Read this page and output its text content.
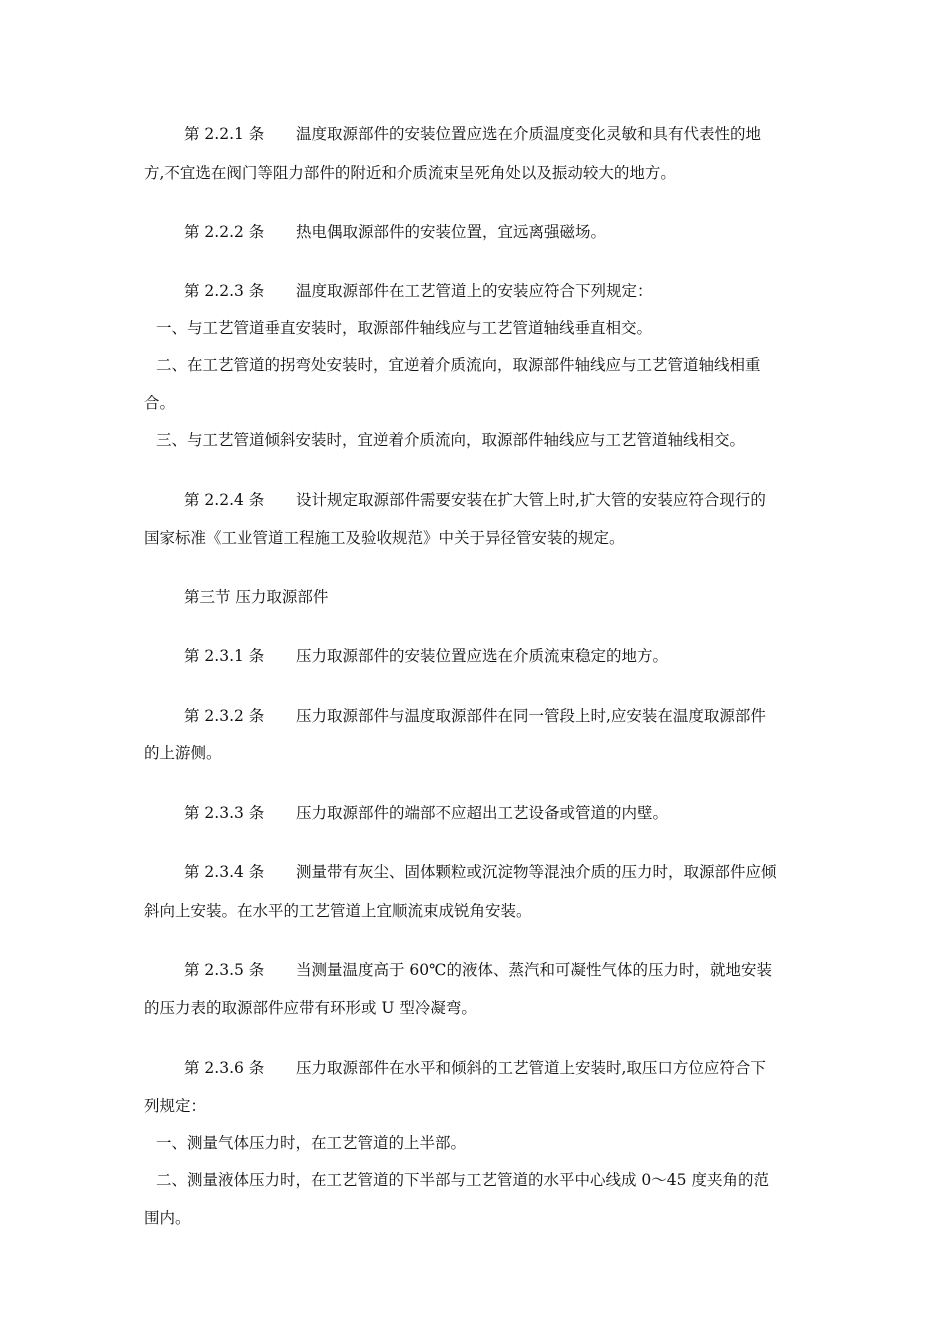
第 2.2.1 条 温度取源部件的安装位置应选在介质温度变化灵敏和具有代表性的地
方,不宜选在阀门等阻力部件的附近和介质流束呈死角处以及振动较大的地方。
第 2.2.2 条 热电偶取源部件的安装位置，宜远离强磁场。
第 2.2.3 条 温度取源部件在工艺管道上的安装应符合下列规定：
一、与工艺管道垂直安装时，取源部件轴线应与工艺管道轴线垂直相交。
二、在工艺管道的拐弯处安装时，宜逆着介质流向，取源部件轴线应与工艺管道轴线相重
合。
三、与工艺管道倾斜安装时，宜逆着介质流向，取源部件轴线应与工艺管道轴线相交。
第 2.2.4 条 设计规定取源部件需要安装在扩大管上时,扩大管的安装应符合现行的
国家标准《工业管道工程施工及验收规范》中关于异径管安装的规定。
第三节 压力取源部件
第 2.3.1 条 压力取源部件的安装位置应选在介质流束稳定的地方。
第 2.3.2 条 压力取源部件与温度取源部件在同一管段上时,应安装在温度取源部件
的上游侧。
第 2.3.3 条 压力取源部件的端部不应超出工艺设备或管道的内壁。
第 2.3.4 条 测量带有灰尘、固体颗粒或沉淀物等混浊介质的压力时，取源部件应倾
斜向上安装。在水平的工艺管道上宜顺流束成锐角安装。
第 2.3.5 条 当测量温度高于 60℃的液体、蒸汽和可凝性气体的压力时，就地安装
的压力表的取源部件应带有环形或 U 型冷凝弯。
第 2.3.6 条 压力取源部件在水平和倾斜的工艺管道上安装时,取压口方位应符合下
列规定：
一、测量气体压力时，在工艺管道的上半部。
二、测量液体压力时，在工艺管道的下半部与工艺管道的水平中心线成 0～45 度夹角的范
围内。
